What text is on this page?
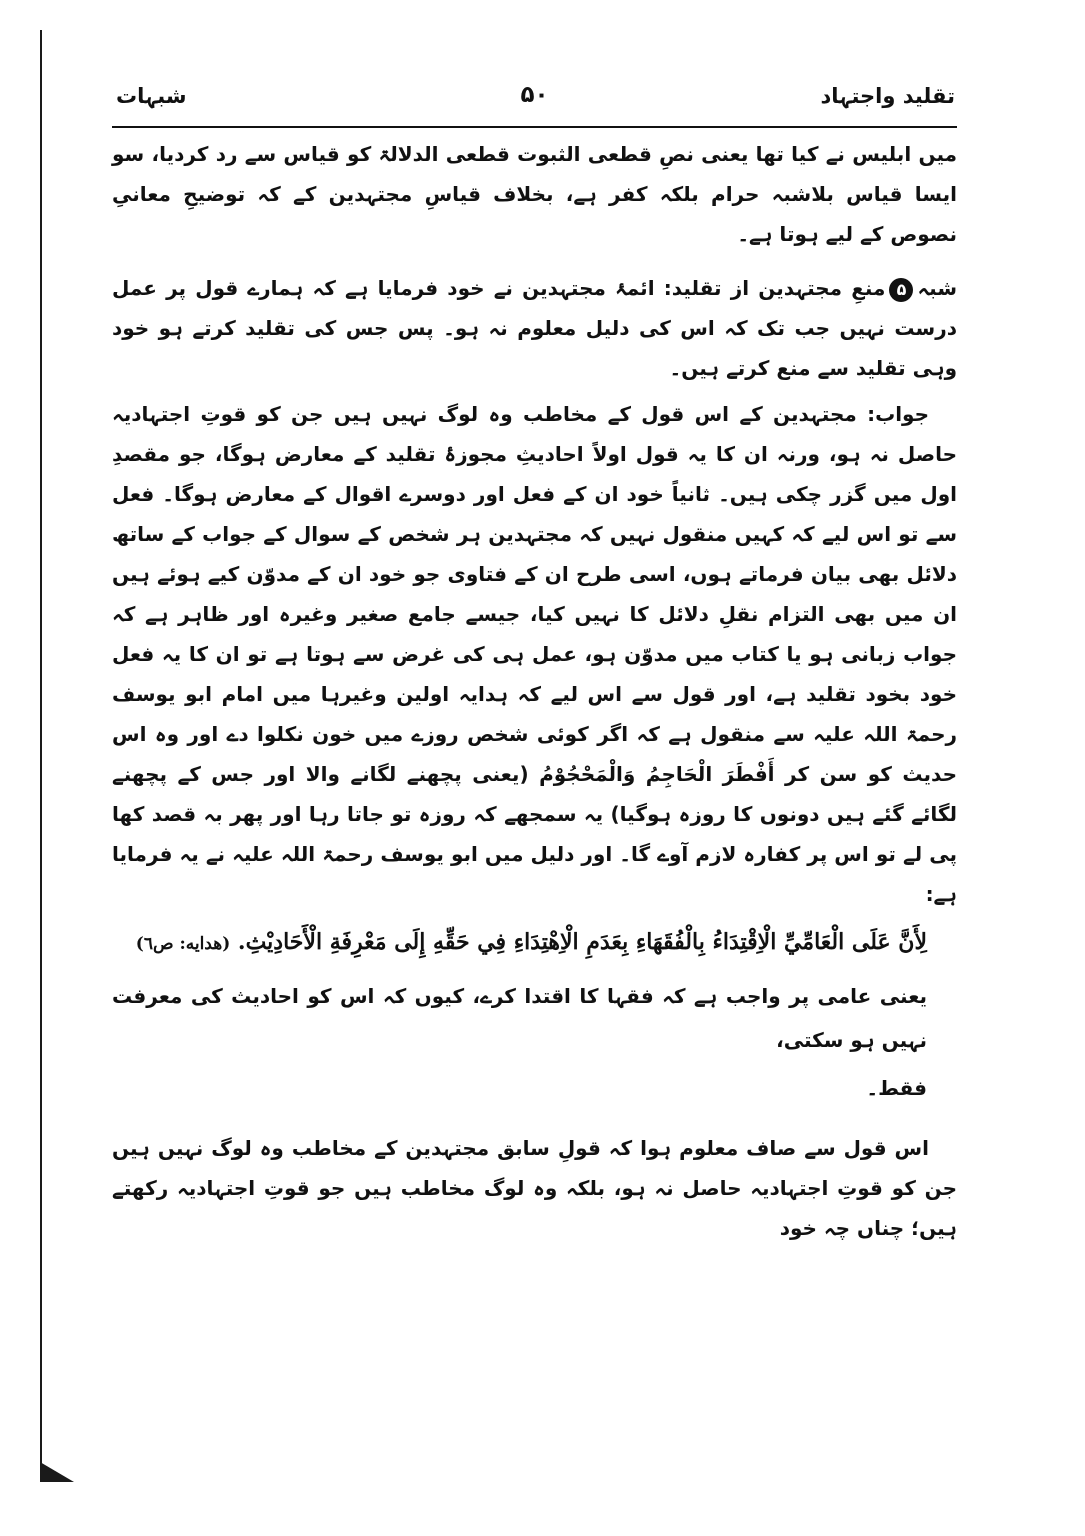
تقلید واجتہاد
۵۰
شبہات

میں ابلیس نے کیا تھا یعنی نصِ قطعی الثبوت قطعی الدلالۃ کو قیاس سے رد کردیا، سو ایسا قیاس بلاشبہ حرام بلکہ کفر ہے، بخلاف قیاسِ مجتہدین کے کہ توضیحِ معانیِ نصوص کے لیے ہوتا ہے۔

شبہ۵منعِ مجتہدین از تقلید: ائمۂ مجتہدین نے خود فرمایا ہے کہ ہمارے قول پر عمل درست نہیں جب تک کہ اس کی دلیل معلوم نہ ہو۔ پس جس کی تقلید کرتے ہو خود وہی تقلید سے منع کرتے ہیں۔

جواب: مجتہدین کے اس قول کے مخاطب وہ لوگ نہیں ہیں جن کو قوتِ اجتہادیہ حاصل نہ ہو، ورنہ ان کا یہ قول اولاً احادیثِ مجوزۂ تقلید کے معارض ہوگا، جو مقصدِ اول میں گزر چکی ہیں۔ ثانیاً خود ان کے فعل اور دوسرے اقوال کے معارض ہوگا۔ فعل سے تو اس لیے کہ کہیں منقول نہیں کہ مجتہدین ہر شخص کے سوال کے جواب کے ساتھ دلائل بھی بیان فرماتے ہوں، اسی طرح ان کے فتاوی جو خود ان کے مدوّن کیے ہوئے ہیں ان میں بھی التزام نقلِ دلائل کا نہیں کیا، جیسے جامع صغیر وغیرہ اور ظاہر ہے کہ جواب زبانی ہو یا کتاب میں مدوّن ہو، عمل ہی کی غرض سے ہوتا ہے تو ان کا یہ فعل خود بخود تقلید ہے، اور قول سے اس لیے کہ ہدایہ اولین وغیرہا میں امام ابو یوسف رحمۃ اللہ علیہ سے منقول ہے کہ اگر کوئی شخص روزے میں خون نکلوا دے اور وہ اس حدیث کو سن کر أَفْطَرَ الْحَاجِمُ وَالْمَحْجُوْمُ (یعنی پچھنے لگانے والا اور جس کے پچھنے لگائے گئے ہیں دونوں کا روزہ ہوگیا) یہ سمجھے کہ روزہ تو جاتا رہا اور پھر بہ قصد کھا پی لے تو اس پر کفارہ لازم آوے گا۔ اور دلیل میں ابو یوسف رحمۃ اللہ علیہ نے یہ فرمایا ہے:

لِأَنَّ عَلَى الْعَامِّيِّ الْاِقْتِدَاءُ بِالْفُقَهَاءِ بِعَدَمِ الْاِهْتِدَاءِ فِي حَقِّهِ إِلَى مَعْرِفَةِ الْأَحَادِيْثِ. (هدايه: ص٦)

یعنی عامی پر واجب ہے کہ فقہا کا اقتدا کرے، کیوں کہ اس کو احادیث کی معرفت نہیں ہو سکتی،

فقط۔

اس قول سے صاف معلوم ہوا کہ قولِ سابق مجتہدین کے مخاطب وہ لوگ نہیں ہیں جن کو قوتِ اجتہادیہ حاصل نہ ہو، بلکہ وہ لوگ مخاطب ہیں جو قوتِ اجتہادیہ رکھتے ہیں؛ چناں چہ خود
